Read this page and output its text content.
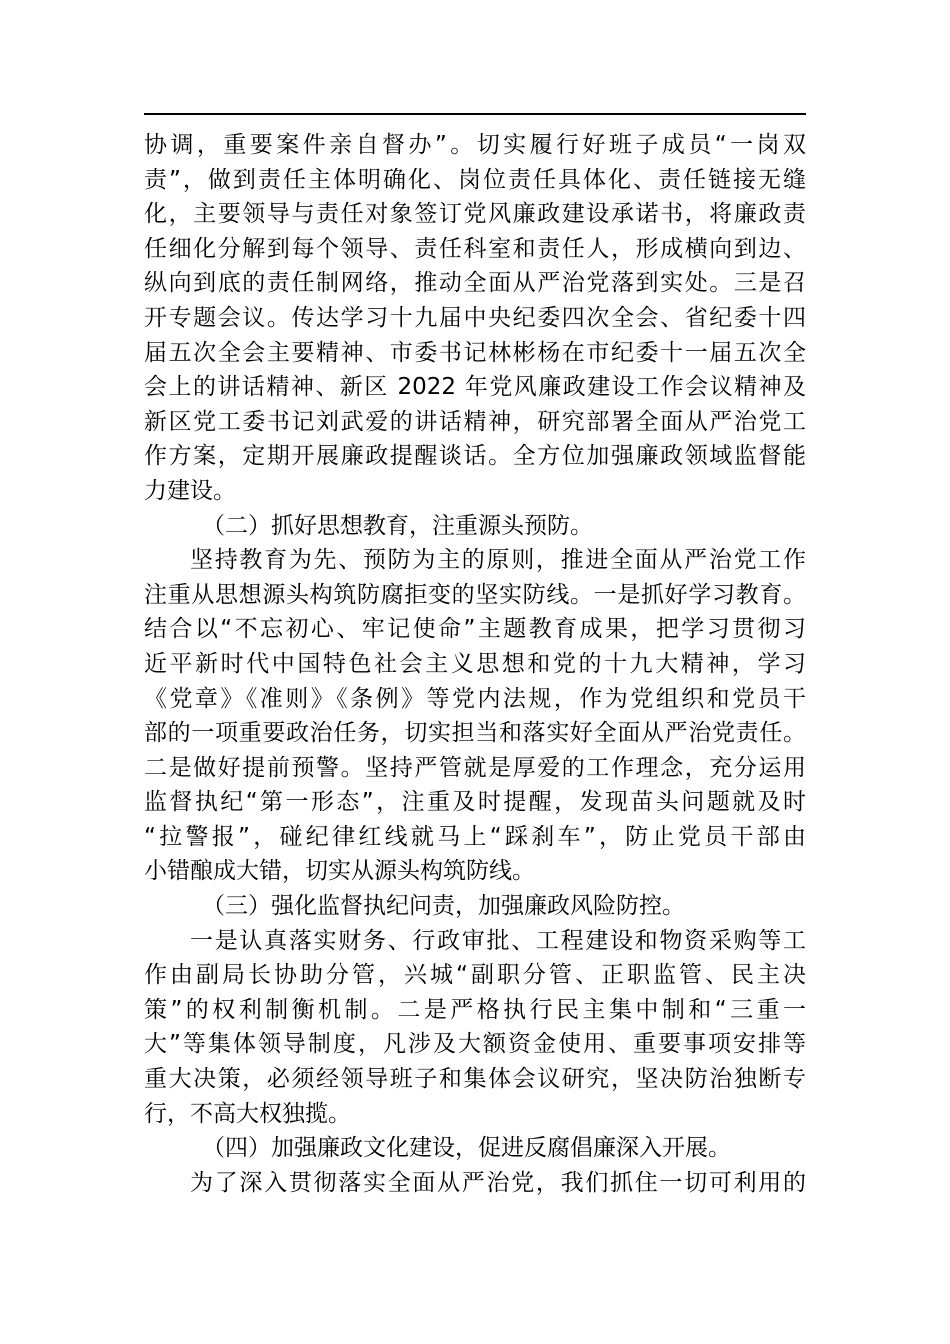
协调，重要案件亲自督办”。切实履行好班子成员“一岗双
责”，做到责任主体明确化、岗位责任具体化、责任链接无缝
化，主要领导与责任对象签订党风廉政建设承诺书，将廉政责
任细化分解到每个领导、责任科室和责任人，形成横向到边、
纵向到底的责任制网络，推动全面从严治党落到实处。三是召
开专题会议。传达学习十九届中央纪委四次全会、省纪委十四
届五次全会主要精神、市委书记林彬杨在市纪委十一届五次全
会上的讲话精神、新区 2022 年党风廉政建设工作会议精神及
新区党工委书记刘武爱的讲话精神，研究部署全面从严治党工
作方案，定期开展廉政提醒谈话。全方位加强廉政领域监督能
力建设。
（二）抓好思想教育，注重源头预防。
坚持教育为先、预防为主的原则，推进全面从严治党工作
注重从思想源头构筑防腐拒变的坚实防线。一是抓好学习教育。
结合以“不忘初心、牢记使命”主题教育成果，把学习贯彻习
近平新时代中国特色社会主义思想和党的十九大精神，学习
《党章》《准则》《条例》等党内法规，作为党组织和党员干
部的一项重要政治任务，切实担当和落实好全面从严治党责任。
二是做好提前预警。坚持严管就是厚爱的工作理念，充分运用
监督执纪“第一形态”，注重及时提醒，发现苗头问题就及时
“拉警报”，碰纪律红线就马上“踩刹车”，防止党员干部由
小错酿成大错，切实从源头构筑防线。
（三）强化监督执纪问责，加强廉政风险防控。
一是认真落实财务、行政审批、工程建设和物资采购等工
作由副局长协助分管，兴城“副职分管、正职监管、民主决
策”的权利制衡机制。二是严格执行民主集中制和“三重一
大”等集体领导制度，凡涉及大额资金使用、重要事项安排等
重大决策，必须经领导班子和集体会议研究，坚决防治独断专
行，不高大权独揽。
（四）加强廉政文化建设，促进反腐倡廉深入开展。
为了深入贯彻落实全面从严治党，我们抓住一切可利用的
